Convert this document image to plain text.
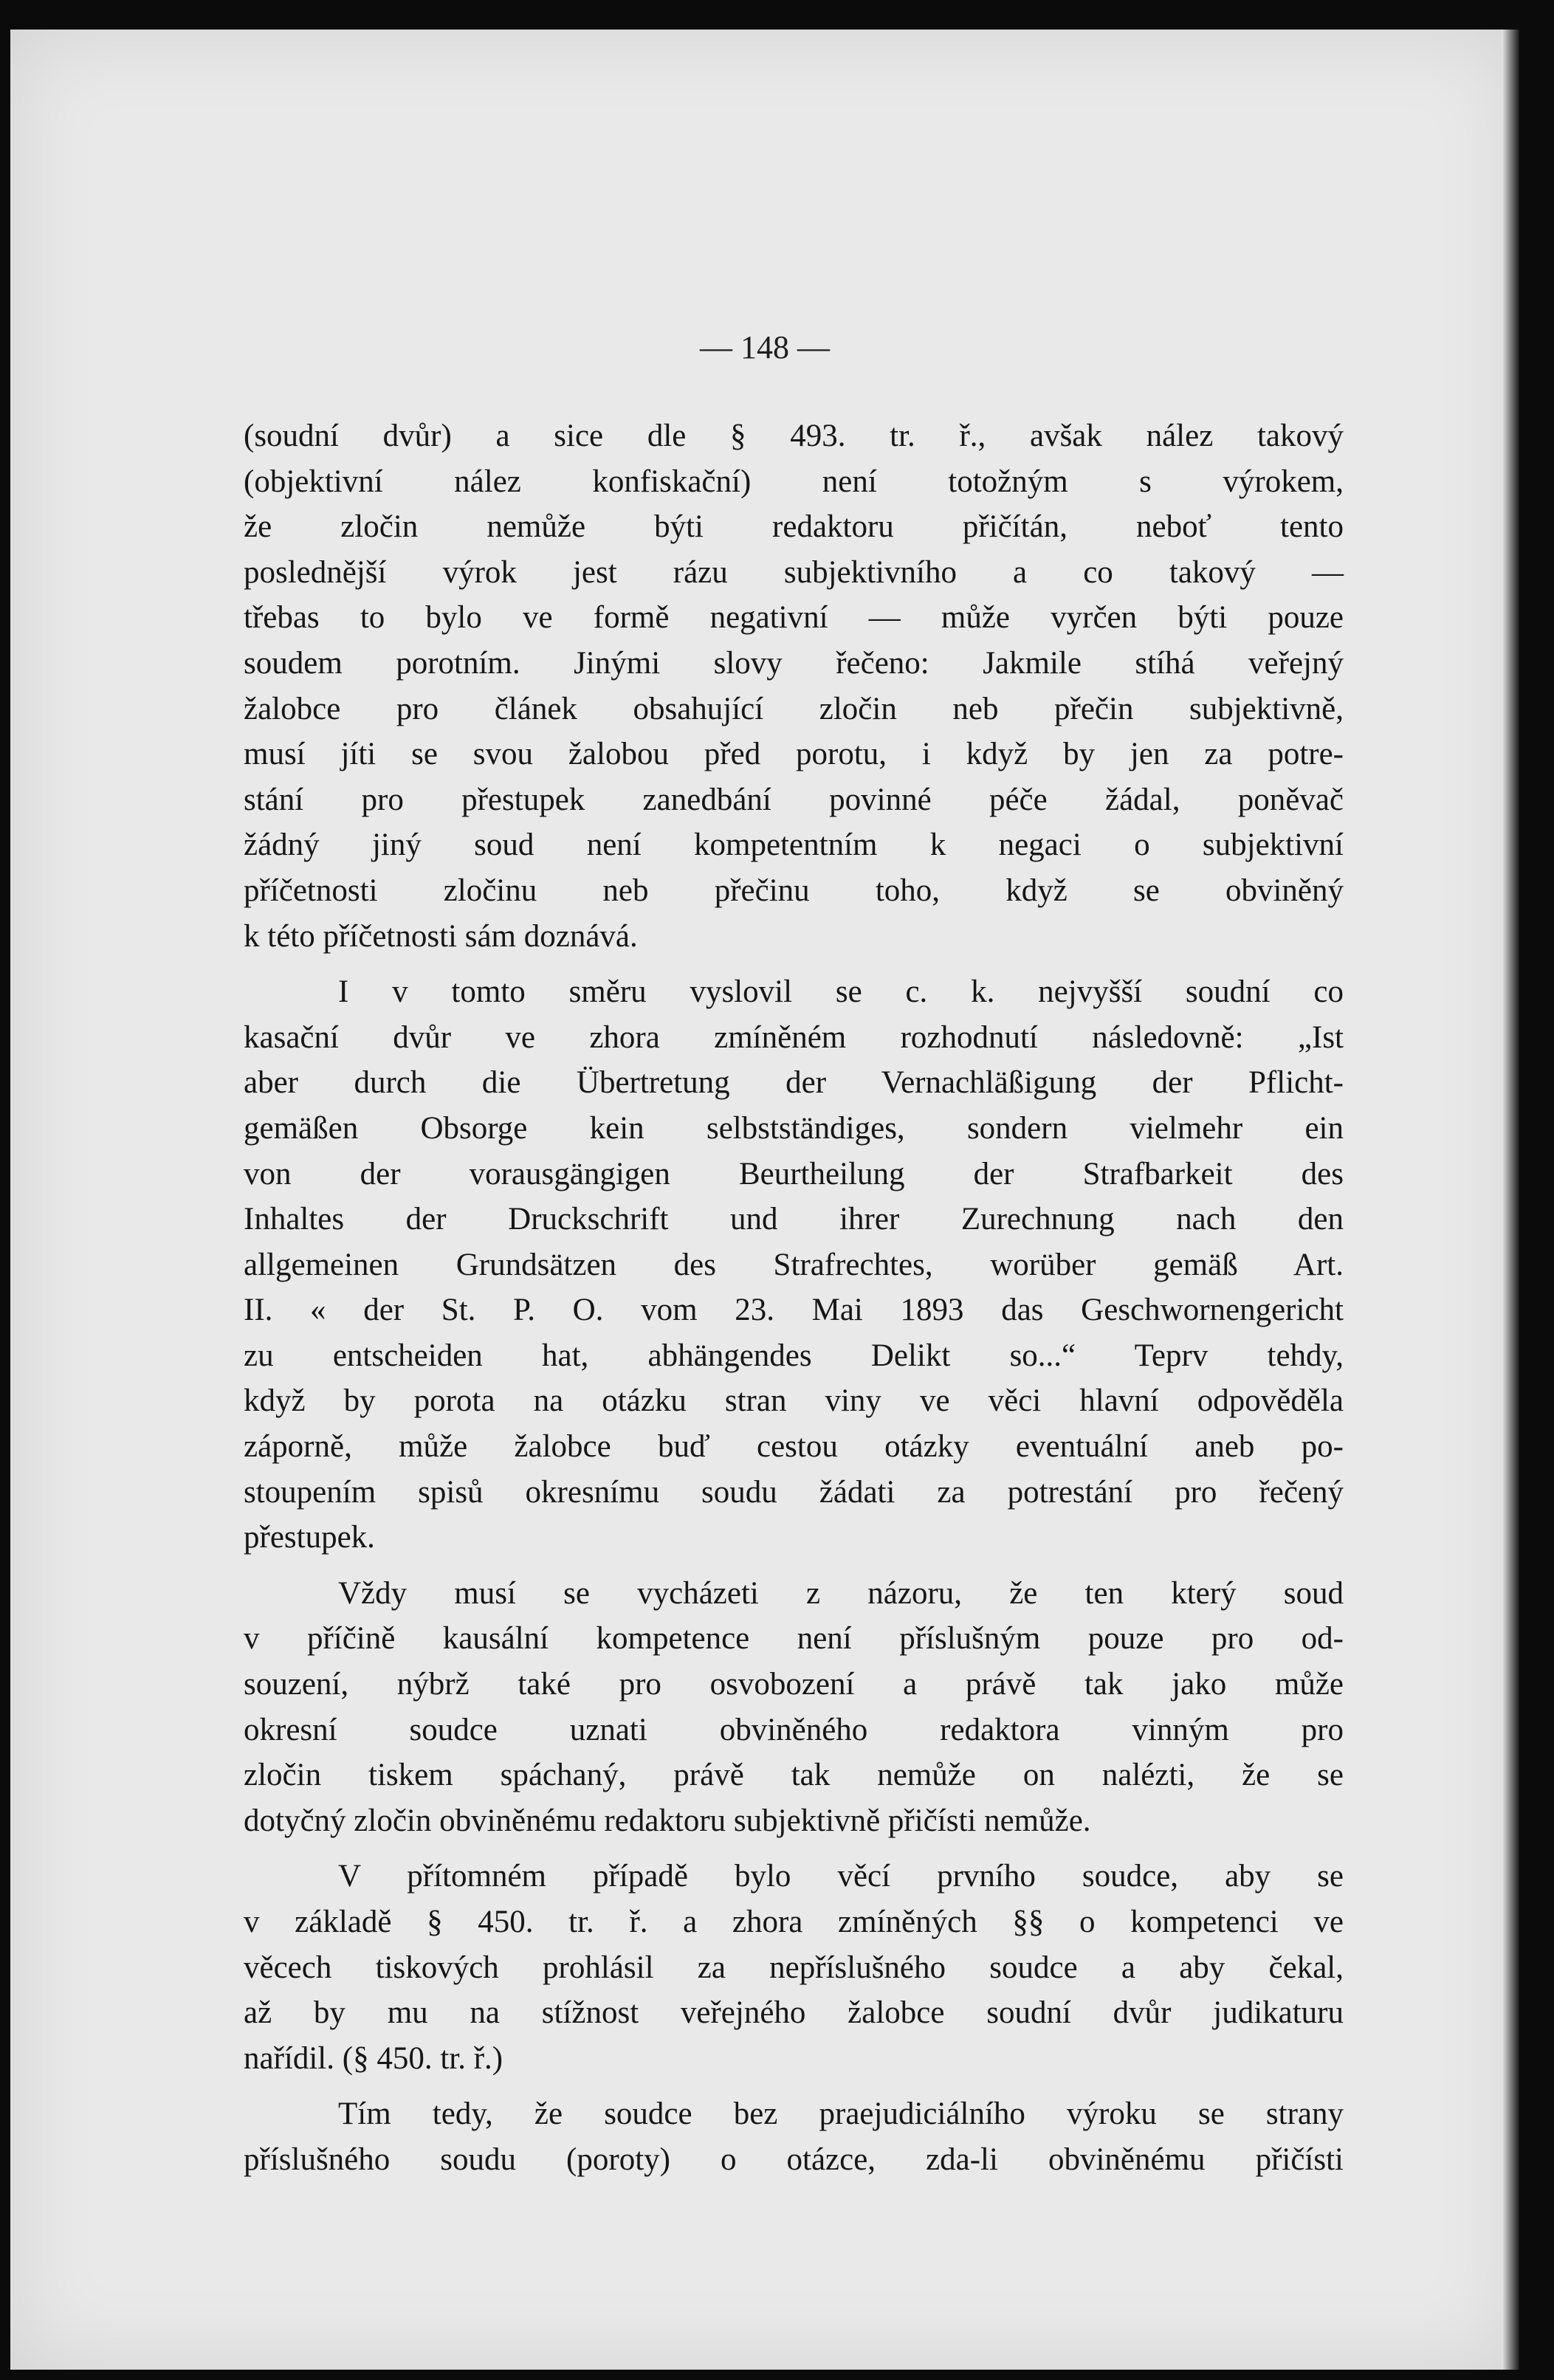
— 148 —

(soudní dvůr) a sice dle § 493. tr. ř., avšak nález takový
(objektivní nález konfiskační) není totožným s výrokem,
že zločin nemůže býti redaktoru přičítán, neboť tento
poslednější výrok jest rázu subjektivního a co takový —
třebas to bylo ve formě negativní — může vyrčen býti pouze
soudem porotním. Jinými slovy řečeno: Jakmile stíhá veřejný
žalobce pro článek obsahující zločin neb přečin subjektivně,
musí jíti se svou žalobou před porotu, i když by jen za potre-
stání pro přestupek zanedbání povinné péče žádal, poněvač
žádný jiný soud není kompetentním k negaci o subjektivní
příčetnosti zločinu neb přečinu toho, když se obviněný
k této příčetnosti sám doznává.

I v tomto směru vyslovil se c. k. nejvyšší soudní co
kasační dvůr ve zhora zmíněném rozhodnutí následovně: „Ist
aber durch die Übertretung der Vernachläßigung der Pflicht-
gemäßen Obsorge kein selbstständiges, sondern vielmehr ein
von der vorausgängigen Beurtheilung der Strafbarkeit des
Inhaltes der Druckschrift und ihrer Zurechnung nach den
allgemeinen Grundsätzen des Strafrechtes, worüber gemäß Art.
II. « der St. P. O. vom 23. Mai 1893 das Geschwornengericht
zu entscheiden hat, abhängendes Delikt so...“ Teprv tehdy,
když by porota na otázku stran viny ve věci hlavní odpověděla
záporně, může žalobce buď cestou otázky eventuální aneb po-
stoupením spisů okresnímu soudu žádati za potrestání pro řečený
přestupek.

Vždy musí se vycházeti z názoru, že ten který soud
v příčině kausální kompetence není příslušným pouze pro od-
souzení, nýbrž také pro osvobození a právě tak jako může
okresní soudce uznati obviněného redaktora vinným pro
zločin tiskem spáchaný, právě tak nemůže on nalézti, že se
dotyčný zločin obviněnému redaktoru subjektivně přičísti nemůže.

V přítomném případě bylo věcí prvního soudce, aby se
v základě § 450. tr. ř. a zhora zmíněných §§ o kompetenci ve
věcech tiskových prohlásil za nepříslušného soudce a aby čekal,
až by mu na stížnost veřejného žalobce soudní dvůr judikaturu
nařídil. (§ 450. tr. ř.)

Tím tedy, že soudce bez praejudiciálního výroku se strany
příslušného soudu (poroty) o otázce, zda-li obviněnému přičísti
